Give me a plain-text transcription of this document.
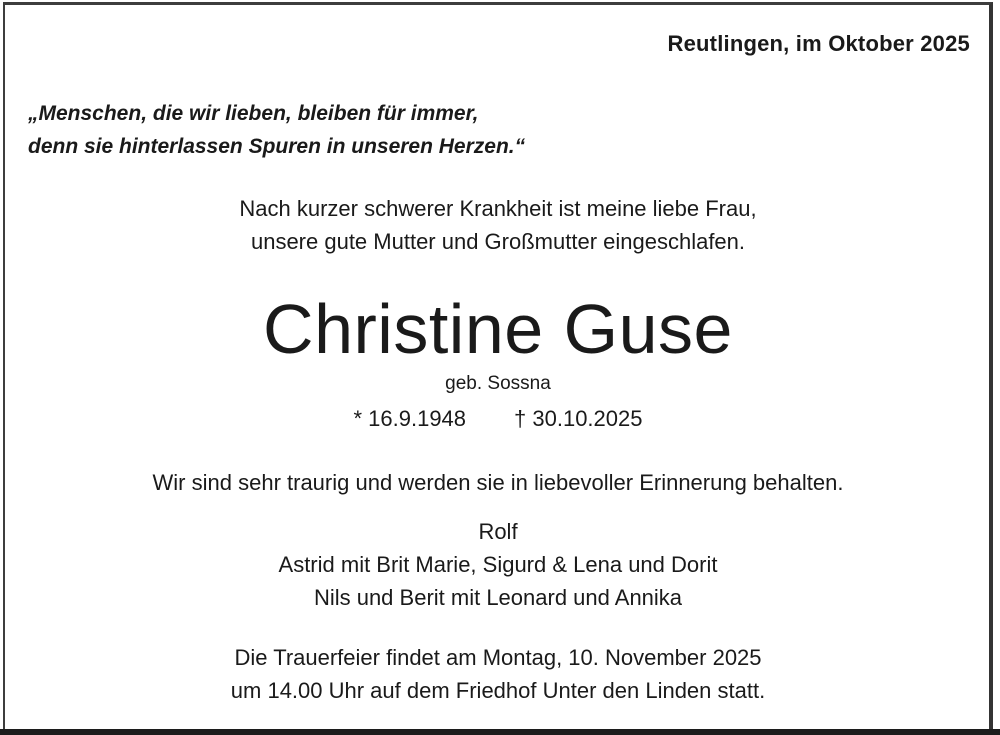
Reutlingen, im Oktober 2025
„Menschen, die wir lieben, bleiben für immer,
denn sie hinterlassen Spuren in unseren Herzen.“
Nach kurzer schwerer Krankheit ist meine liebe Frau,
unsere gute Mutter und Großmutter eingeschlafen.
Christine Guse
geb. Sossna
* 16.9.1948 † 30.10.2025
Wir sind sehr traurig und werden sie in liebevoller Erinnerung behalten.
Rolf
Astrid mit Brit Marie, Sigurd & Lena und Dorit
Nils und Berit mit Leonard und Annika
Die Trauerfeier findet am Montag, 10. November 2025
um 14.00 Uhr auf dem Friedhof Unter den Linden statt.
